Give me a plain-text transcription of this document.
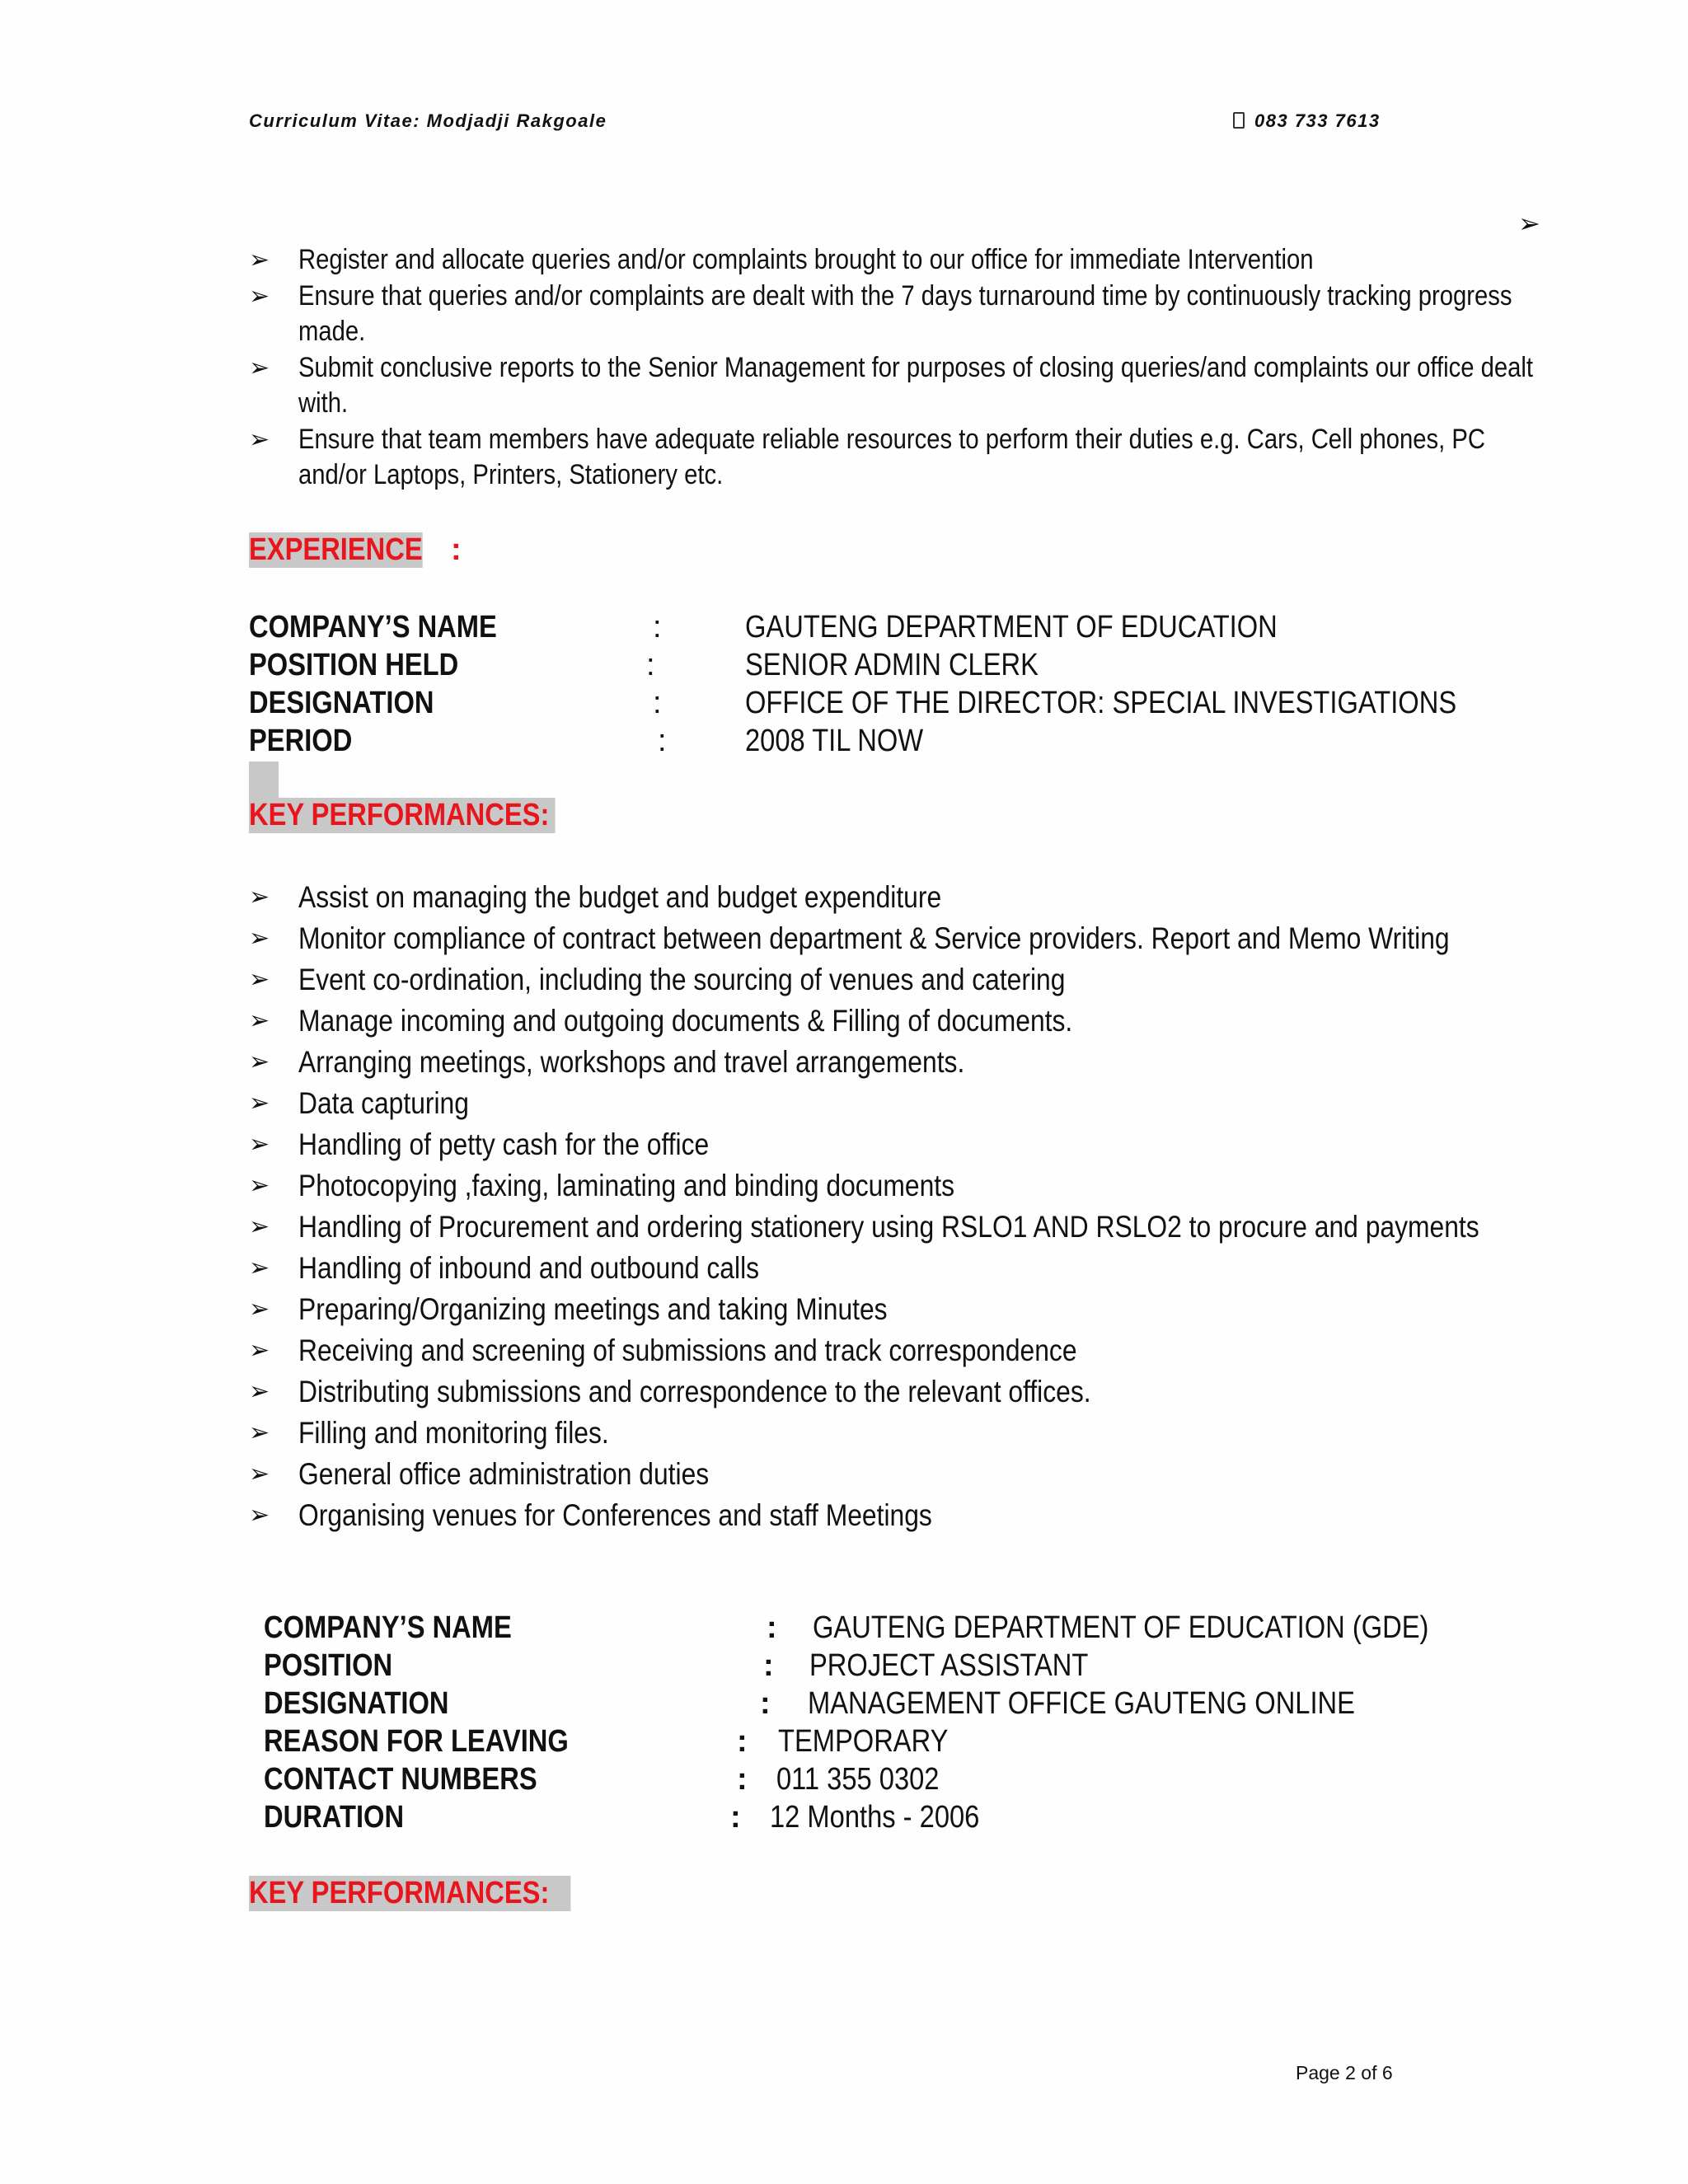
Curriculum Vitae: Modjadji Rakgoale	083 733 7613
➢
➢ Register and allocate queries and/or complaints brought to our office for immediate Intervention
➢ Ensure that queries and/or complaints are dealt with the 7 days turnaround time by continuously tracking progress made.
➢ Submit conclusive reports to the Senior Management for purposes of closing queries/and complaints our office dealt with.
➢ Ensure that team members have adequate reliable resources to perform their duties e.g. Cars, Cell phones, PC and/or Laptops, Printers, Stationery etc.
EXPERIENCE :
COMPANY’S NAME	:	GAUTENG DEPARTMENT OF EDUCATION
POSITION HELD	:	SENIOR ADMIN CLERK
DESIGNATION	:	OFFICE OF THE DIRECTOR: SPECIAL INVESTIGATIONS
PERIOD	:	2008 TIL NOW
KEY PERFORMANCES:
➢ Assist on managing the budget and budget expenditure
➢ Monitor compliance of contract between department & Service providers. Report and Memo Writing
➢ Event co-ordination, including the sourcing of venues and catering
➢ Manage incoming and outgoing documents & Filling of documents.
➢ Arranging meetings, workshops and travel arrangements.
➢ Data capturing
➢ Handling of petty cash for the office
➢ Photocopying ,faxing, laminating and binding documents
➢ Handling of Procurement and ordering stationery using RSLO1 AND RSLO2 to procure and payments
➢ Handling of inbound and outbound calls
➢ Preparing/Organizing meetings and taking Minutes
➢ Receiving and screening of submissions and track correspondence
➢ Distributing submissions and correspondence to the relevant offices.
➢ Filling and monitoring files.
➢ General office administration duties
➢ Organising venues for Conferences and staff Meetings
COMPANY’S NAME	: GAUTENG DEPARTMENT OF EDUCATION (GDE)
POSITION	: PROJECT ASSISTANT
DESIGNATION	: MANAGEMENT OFFICE GAUTENG ONLINE
REASON FOR LEAVING	: TEMPORARY
CONTACT NUMBERS	: 011 355 0302
DURATION	: 12 Months - 2006
KEY PERFORMANCES:
Page 2 of 6
